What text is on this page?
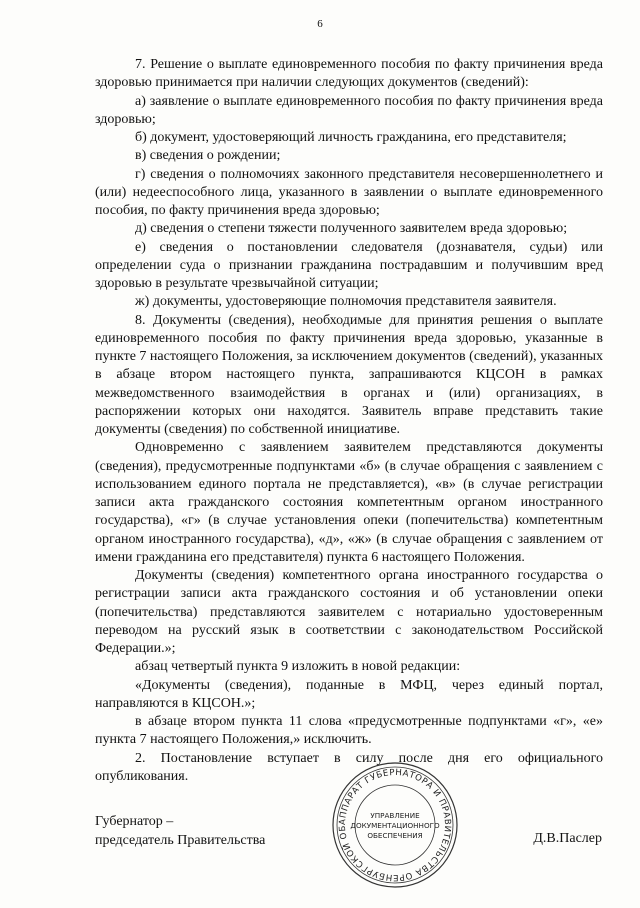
6

7. Решение о выплате единовременного пособия по факту причинения вреда здоровью принимается при наличии следующих документов (сведений):

а) заявление о выплате единовременного пособия по факту причинения вреда здоровью;

б) документ, удостоверяющий личность гражданина, его представителя;

в) сведения о рождении;

г) сведения о полномочиях законного представителя несовершеннолетнего и (или) недееспособного лица, указанного в заявлении о выплате единовременного пособия, по факту причинения вреда здоровью;

д) сведения о степени тяжести полученного заявителем вреда здоровью;

е) сведения о постановлении следователя (дознавателя, судьи) или определении суда о признании гражданина пострадавшим и получившим вред здоровью в результате чрезвычайной ситуации;

ж) документы, удостоверяющие полномочия представителя заявителя.

8. Документы (сведения), необходимые для принятия решения о выплате единовременного пособия по факту причинения вреда здоровью, указанные в пункте 7 настоящего Положения, за исключением документов (сведений), указанных в абзаце втором настоящего пункта, запрашиваются КЦСОН в рамках межведомственного взаимодействия в органах и (или) организациях, в распоряжении которых они находятся. Заявитель вправе представить такие документы (сведения) по собственной инициативе.

Одновременно с заявлением заявителем представляются документы (сведения), предусмотренные подпунктами «б» (в случае обращения с заявлением с использованием единого портала не представляется), «в» (в случае регистрации записи акта гражданского состояния компетентным органом иностранного государства), «г» (в случае установления опеки (попечительства) компетентным органом иностранного государства), «д», «ж» (в случае обращения с заявлением от имени гражданина его представителя) пункта 6 настоящего Положения.

Документы (сведения) компетентного органа иностранного государства о регистрации записи акта гражданского состояния и об установлении опеки (попечительства) представляются заявителем с нотариально удостоверенным переводом на русский язык в соответствии с законодательством Российской Федерации.»;

абзац четвертый пункта 9 изложить в новой редакции:

«Документы (сведения), поданные в МФЦ, через единый портал, направляются в КЦСОН.»;

в абзаце втором пункта 11 слова «предусмотренные подпунктами «г», «е» пункта 7 настоящего Положения,» исключить.

2. Постановление вступает в силу после дня его официального опубликования.

Губернатор –
председатель Правительства
АППАРАТ ГУБЕРНАТОРА И ПРАВИТЕЛЬСТВА ОРЕНБУРГСКОЙ ОБ
УПРАВЛЕНИЕ
ДОКУМЕНТАЦИОННОГО
ОБЕСПЕЧЕНИЯ	Д.В.Паслер
